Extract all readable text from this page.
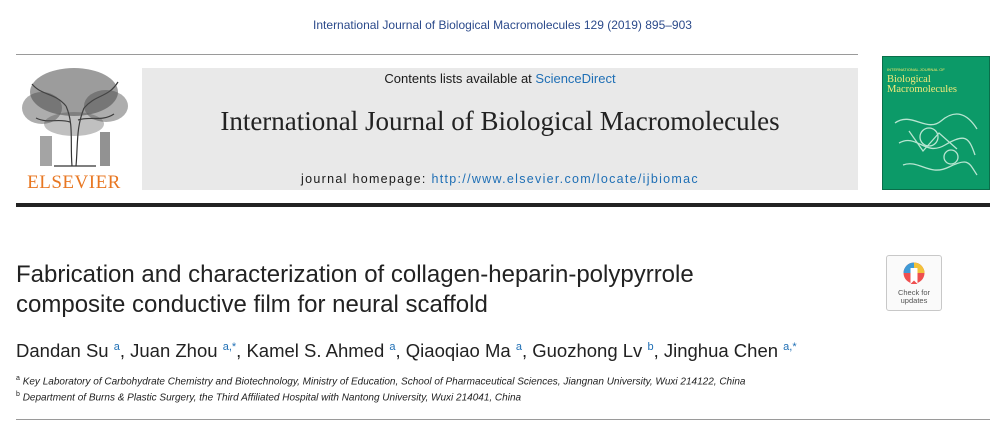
International Journal of Biological Macromolecules 129 (2019) 895–903
ELSEVIER
Contents lists available at ScienceDirect
International Journal of Biological Macromolecules
journal homepage: http://www.elsevier.com/locate/ijbiomac
INTERNATIONAL JOURNAL OF
Biological Macromolecules
Fabrication and characterization of collagen-heparin-polypyrrole
composite conductive film for neural scaffold	Check for
updates
Dandan Su $^a$, Juan Zhou $^{a,*}$, Kamel S. Ahmed $^a$, Qiaoqiao Ma $^a$, Guozhong Lv $^b$, Jinghua Chen $^{a,*}$
$^a$ Key Laboratory of Carbohydrate Chemistry and Biotechnology, Ministry of Education, School of Pharmaceutical Sciences, Jiangnan University, Wuxi 214122, China
$^b$ Department of Burns & Plastic Surgery, the Third Affiliated Hospital with Nantong University, Wuxi 214041, China
